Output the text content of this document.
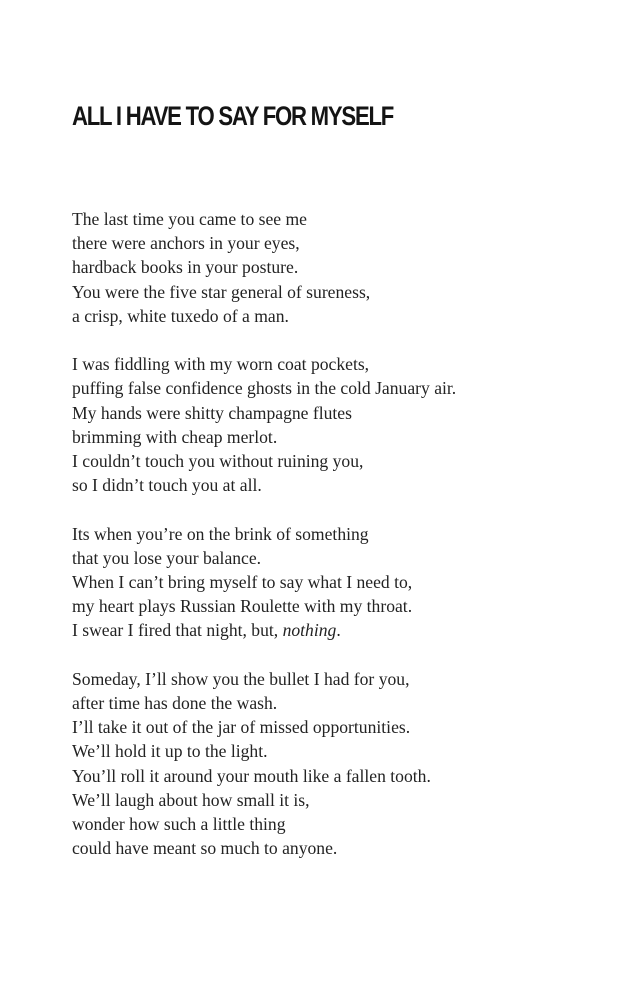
ALL I HAVE TO SAY FOR MYSELF

The last time you came to see me
there were anchors in your eyes,
hardback books in your posture.
You were the five star general of sureness,
a crisp, white tuxedo of a man.

I was fiddling with my worn coat pockets,
puffing false confidence ghosts in the cold January air.
My hands were shitty champagne flutes
brimming with cheap merlot.
I couldn’t touch you without ruining you,
so I didn’t touch you at all.

Its when you’re on the brink of something
that you lose your balance.
When I can’t bring myself to say what I need to,
my heart plays Russian Roulette with my throat.
I swear I fired that night, but, nothing.

Someday, I’ll show you the bullet I had for you,
after time has done the wash.
I’ll take it out of the jar of missed opportunities.
We’ll hold it up to the light.
You’ll roll it around your mouth like a fallen tooth.
We’ll laugh about how small it is,
wonder how such a little thing
could have meant so much to anyone.
